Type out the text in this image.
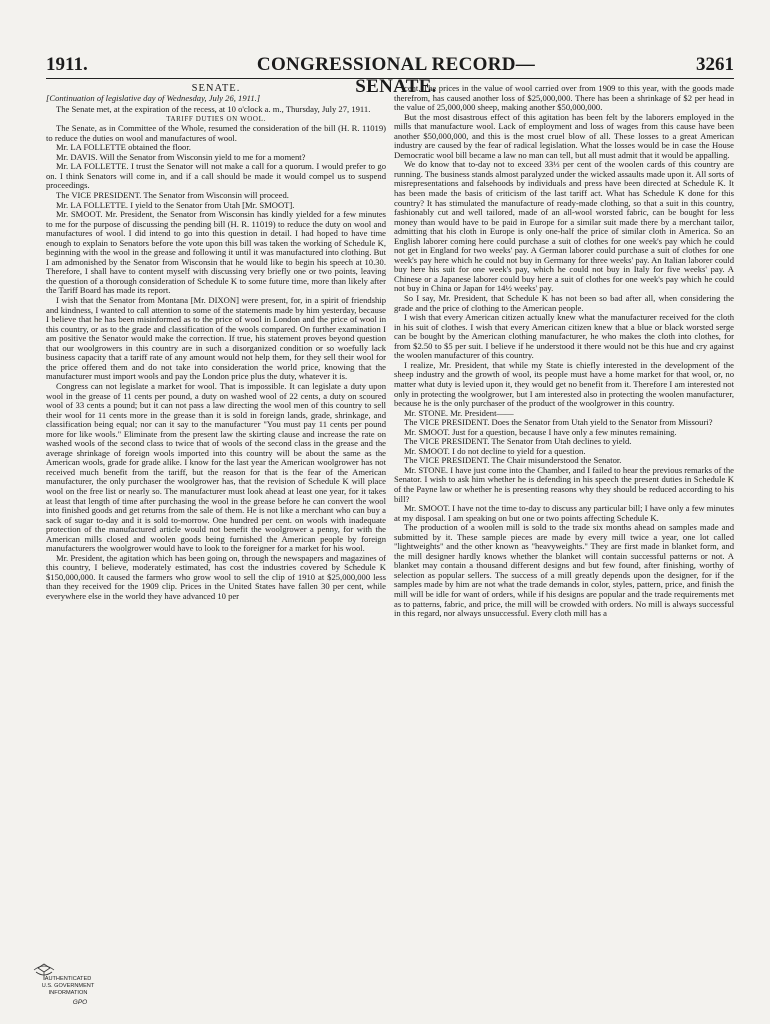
1911.	CONGRESSIONAL RECORD—SENATE.
3261

SENATE.

[Continuation of legislative day of Wednesday, July 26, 1911.]

The Senate met, at the expiration of the recess, at 10 o'clock a. m., Thursday, July 27, 1911.

TARIFF DUTIES ON WOOL.

The Senate, as in Committee of the Whole, resumed the consideration of the bill (H. R. 11019) to reduce the duties on wool and manufactures of wool.

Mr. LA FOLLETTE obtained the floor.

Mr. DAVIS. Will the Senator from Wisconsin yield to me for a moment?

Mr. LA FOLLETTE. I trust the Senator will not make a call for a quorum. I would prefer to go on. I think Senators will come in, and if a call should be made it would compel us to suspend proceedings.

The VICE PRESIDENT. The Senator from Wisconsin will proceed.

Mr. LA FOLLETTE. I yield to the Senator from Utah [Mr. SMOOT].

Mr. SMOOT. Mr. President, the Senator from Wisconsin has kindly yielded for a few minutes to me for the purpose of discussing the pending bill (H. R. 11019) to reduce the duty on wool and manufactures of wool. I did intend to go into this question in detail. I had hoped to have time enough to explain to Senators before the vote upon this bill was taken the working of Schedule K, beginning with the wool in the grease and following it until it was manufactured into clothing. But I am admonished by the Senator from Wisconsin that he would like to begin his speech at 10.30. Therefore, I shall have to content myself with discussing very briefly one or two points, leaving the question of a thorough consideration of Schedule K to some future time, more than likely after the Tariff Board has made its report.

I wish that the Senator from Montana [Mr. DIXON] were present, for, in a spirit of friendship and kindness, I wanted to call attention to some of the statements made by him yesterday, because I believe that he has been misinformed as to the price of wool in London and the price of wool in this country, or as to the grade and classification of the wools compared. On further examination I am positive the Senator would make the correction. If true, his statement proves beyond question that our woolgrowers in this country are in such a disorganized condition or so woefully lack business capacity that a tariff rate of any amount would not help them, for they sell their wool for the price offered them and do not take into consideration the world price, knowing that the manufacturer must import wools and pay the London price plus the duty, whatever it is.

Congress can not legislate a market for wool. That is impossible. It can legislate a duty upon wool in the grease of 11 cents per pound, a duty on washed wool of 22 cents, a duty on scoured wool of 33 cents a pound; but it can not pass a law directing the wool men of this country to sell their wool for 11 cents more in the grease than it is sold in foreign lands, grade, shrinkage, and classification being equal; nor can it say to the manufacturer "You must pay 11 cents per pound more for like wools." Eliminate from the present law the skirting clause and increase the rate on washed wools of the second class to twice that of wools of the second class in the grease and the average shrinkage of foreign wools imported into this country will be about the same as the American wools, grade for grade alike. I know for the last year the American woolgrower has not received much benefit from the tariff, but the reason for that is the fear of the American manufacturer, the only purchaser the woolgrower has, that the revision of Schedule K will place wool on the free list or nearly so. The manufacturer must look ahead at least one year, for it takes at least that length of time after purchasing the wool in the grease before he can convert the wool into finished goods and get returns from the sale of them. He is not like a merchant who can buy a sack of sugar to-day and it is sold to-morrow. One hundred per cent. on wools with inadequate protection of the manufactured article would not benefit the woolgrower a penny, for with the American mills closed and woolen goods being furnished the American people by foreign manufacturers the woolgrower would have to look to the foreigner for a market for his wool.

Mr. President, the agitation which has been going on, through the newspapers and magazines of this country, I believe, moderately estimated, has cost the industries covered by Schedule K $150,000,000. It caused the farmers who grow wool to sell the clip of 1910 at $25,000,000 less than they received for the 1909 clip. Prices in the United States have fallen 30 per cent, while everywhere else in the world they have advanced 10 per

cent. The prices in the value of wool carried over from 1909 to this year, with the goods made therefrom, has caused another loss of $25,000,000. There has been a shrinkage of $2 per head in the value of 25,000,000 sheep, making another $50,000,000.

But the most disastrous effect of this agitation has been felt by the laborers employed in the mills that manufacture wool. Lack of employment and loss of wages from this cause have been another $50,000,000, and this is the most cruel blow of all. These losses to a great American industry are caused by the fear of radical legislation. What the losses would be in case the House Democratic wool bill became a law no man can tell, but all must admit that it would be appalling.

We do know that to-day not to exceed 33⅓ per cent of the woolen cards of this country are running. The business stands almost paralyzed under the wicked assaults made upon it. All sorts of misrepresentations and falsehoods by individuals and press have been directed at Schedule K. It has been made the basis of criticism of the last tariff act. What has Schedule K done for this country? It has stimulated the manufacture of ready-made clothing, so that a suit in this country, fashionably cut and well tailored, made of an all-wool worsted fabric, can be bought for less money than would have to be paid in Europe for a similar suit made there by a merchant tailor, admitting that his cloth in Europe is only one-half the price of similar cloth in America. So an English laborer coming here could purchase a suit of clothes for one week's pay which he could not get in England for two weeks' pay. A German laborer could purchase a suit of clothes for one week's pay here which he could not buy in Germany for three weeks' pay. An Italian laborer could buy here his suit for one week's pay, which he could not buy in Italy for five weeks' pay. A Chinese or a Japanese laborer could buy here a suit of clothes for one week's pay which he could not buy in China or Japan for 14½ weeks' pay.

So I say, Mr. President, that Schedule K has not been so bad after all, when considering the grade and the price of clothing to the American people.

I wish that every American citizen actually knew what the manufacturer received for the cloth in his suit of clothes. I wish that every American citizen knew that a blue or black worsted serge can be bought by the American clothing manufacturer, he who makes the cloth into clothes, for from $2.50 to $5 per suit. I believe if he understood it there would not be this hue and cry against the woolen manufacturer of this country.

I realize, Mr. President, that while my State is chiefly interested in the development of the sheep industry and the growth of wool, its people must have a home market for that wool, or, no matter what duty is levied upon it, they would get no benefit from it. Therefore I am interested not only in protecting the woolgrower, but I am interested also in protecting the woolen manufacturer, because he is the only purchaser of the product of the woolgrower in this country.

Mr. STONE. Mr. President——

The VICE PRESIDENT. Does the Senator from Utah yield to the Senator from Missouri?

Mr. SMOOT. Just for a question, because I have only a few minutes remaining.

The VICE PRESIDENT. The Senator from Utah declines to yield.

Mr. SMOOT. I do not decline to yield for a question.

The VICE PRESIDENT. The Chair misunderstood the Senator.

Mr. STONE. I have just come into the Chamber, and I failed to hear the previous remarks of the Senator. I wish to ask him whether he is defending in his speech the present duties in Schedule K of the Payne law or whether he is presenting reasons why they should be reduced according to his bill?

Mr. SMOOT. I have not the time to-day to discuss any particular bill; I have only a few minutes at my disposal. I am speaking on but one or two points affecting Schedule K.

The production of a woolen mill is sold to the trade six months ahead on samples made and submitted by it. These sample pieces are made by every mill twice a year, one lot called "lightweights" and the other known as "heavyweights." They are first made in blanket form, and the mill designer hardly knows whether the blanket will contain successful patterns or not. A blanket may contain a thousand different designs and but few found, after finishing, worthy of selection as popular sellers. The success of a mill greatly depends upon the designer, for if the samples made by him are not what the trade demands in color, styles, pattern, price, and finish the mill will be idle for want of orders, while if his designs are popular and the trade requirements met as to patterns, fabric, and price, the mill will be crowded with orders. No mill is always successful in this regard, nor always unsuccessful. Every cloth mill has a

AUTHENTICATED
U.S. GOVERNMENT
INFORMATION
GPO
